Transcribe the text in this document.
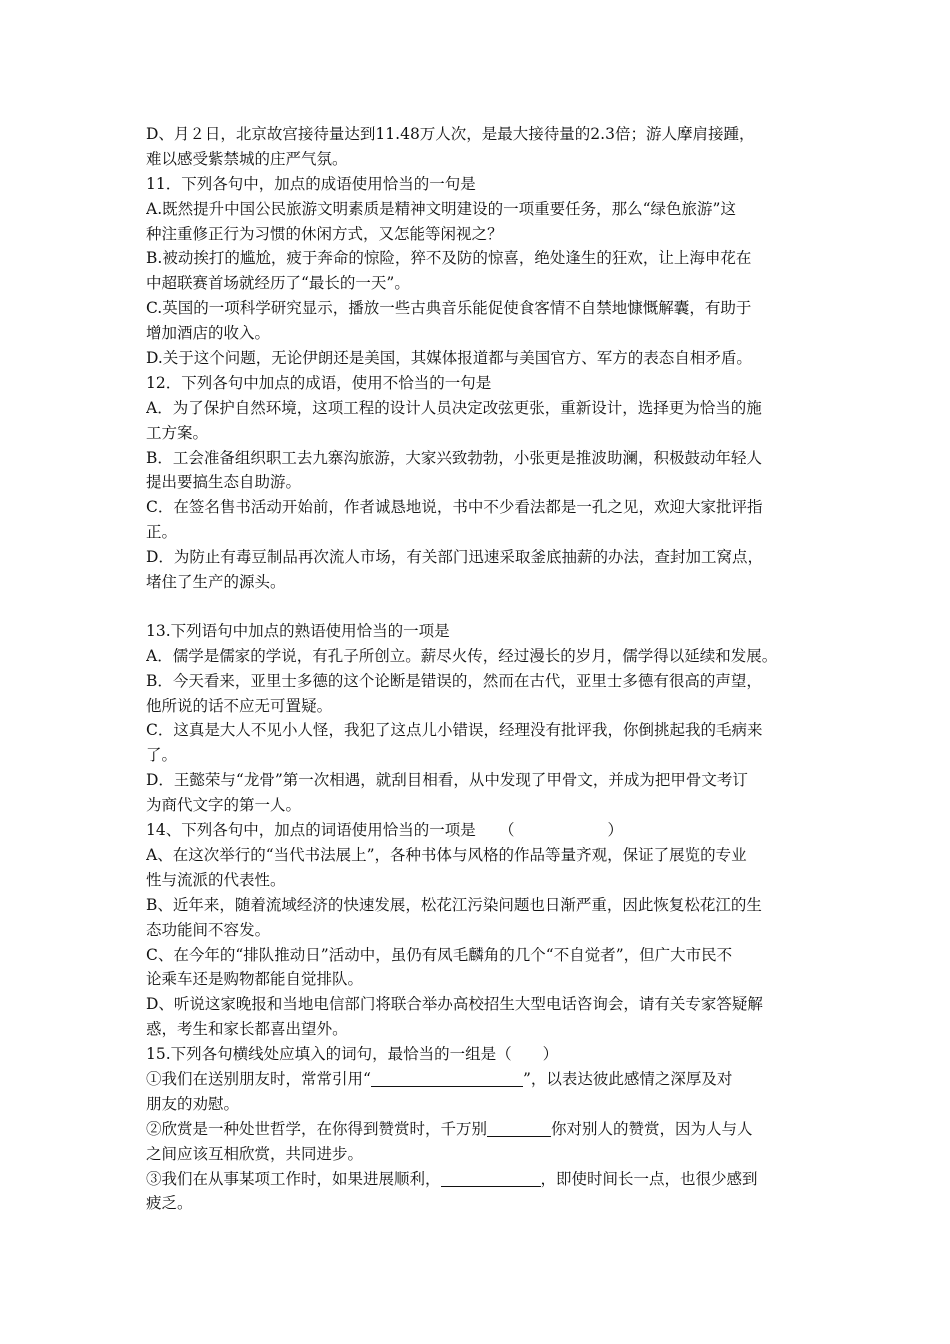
D、月２日，北京故宫接待量达到11.48万人次，是最大接待量的2.3倍；游人摩肩接踵，
难以感受紫禁城的庄严气氛。
11．下列各句中，加点的成语使用恰当的一句是
A.既然提升中国公民旅游文明素质是精神文明建设的一项重要任务，那么“绿色旅游”这
种注重修正行为习惯的休闲方式，又怎能等闲视之？
B.被动挨打的尴尬，疲于奔命的惊险，猝不及防的惊喜，绝处逢生的狂欢，让上海申花在
中超联赛首场就经历了“最长的一天”。
C.英国的一项科学研究显示，播放一些古典音乐能促使食客情不自禁地慷慨解囊，有助于
增加酒店的收入。
D.关于这个问题，无论伊朗还是美国，其媒体报道都与美国官方、军方的表态自相矛盾。
12．下列各句中加点的成语，使用不恰当的一句是
A．为了保护自然环境，这项工程的设计人员决定改弦更张，重新设计，选择更为恰当的施
工方案。
B．工会准备组织职工去九寨沟旅游，大家兴致勃勃，小张更是推波助澜，积极鼓动年轻人
提出要搞生态自助游。
C．在签名售书活动开始前，作者诚恳地说，书中不少看法都是一孔之见，欢迎大家批评指
正。
D．为防止有毒豆制品再次流人市场，有关部门迅速采取釜底抽薪的办法，查封加工窝点，
堵住了生产的源头。
13.下列语句中加点的熟语使用恰当的一项是
A．儒学是儒家的学说，有孔子所创立。薪尽火传，经过漫长的岁月，儒学得以延续和发展。
B．今天看来，亚里士多德的这个论断是错误的，然而在古代，亚里士多德有很高的声望，
他所说的话不应无可置疑。
C．这真是大人不见小人怪，我犯了这点儿小错误，经理没有批评我，你倒挑起我的毛病来
了。
D．王懿荣与“龙骨”第一次相遇，就刮目相看，从中发现了甲骨文，并成为把甲骨文考订
为商代文字的第一人。
14、下列各句中，加点的词语使用恰当的一项是　　（　　　　　　）
A、在这次举行的“当代书法展上”，各种书体与风格的作品等量齐观，保证了展览的专业
性与流派的代表性。
B、近年来，随着流域经济的快速发展，松花江污染问题也日渐严重，因此恢复松花江的生
态功能间不容发。
C、在今年的“排队推动日”活动中，虽仍有凤毛麟角的几个“不自觉者”，但广大市民不
论乘车还是购物都能自觉排队。
D、听说这家晚报和当地电信部门将联合举办高校招生大型电话咨询会，请有关专家答疑解
惑，考生和家长都喜出望外。
15.下列各句横线处应填入的词句，最恰当的一组是（　　）
①我们在送别朋友时，常常引用“	”，以表达彼此感情之深厚及对
朋友的劝慰。
②欣赏是一种处世哲学，在你得到赞赏时，千万别	你对别人的赞赏，因为人与人
之间应该互相欣赏，共同进步。
③我们在从事某项工作时，如果进展顺利，	，即使时间长一点，也很少感到
疲乏。
